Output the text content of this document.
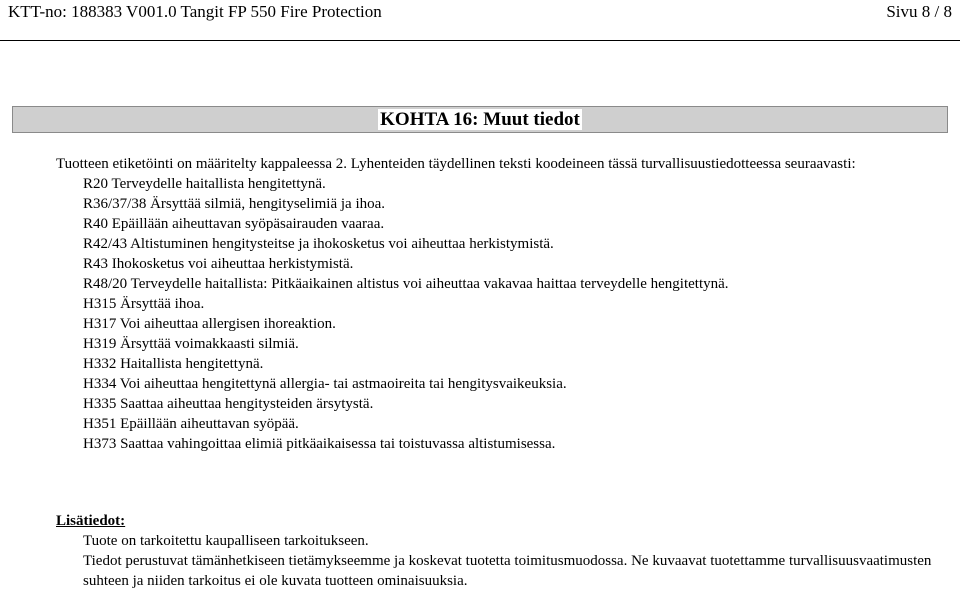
KTT-no: 188383 V001.0 Tangit FP 550 Fire Protection	Sivu 8 / 8
KOHTA 16: Muut tiedot

Tuotteen etiketöinti on määritelty kappaleessa 2. Lyhenteiden täydellinen teksti koodeineen tässä turvallisuustiedotteessa seuraavasti:

R20 Terveydelle haitallista hengitettynä.
R36/37/38 Ärsyttää silmiä, hengityselimiä ja ihoa.
R40 Epäillään aiheuttavan syöpäsairauden vaaraa.
R42/43 Altistuminen hengitysteitse ja ihokosketus voi aiheuttaa herkistymistä.
R43 Ihokosketus voi aiheuttaa herkistymistä.
R48/20 Terveydelle haitallista: Pitkäaikainen altistus voi aiheuttaa vakavaa haittaa terveydelle hengitettynä.
H315 Ärsyttää ihoa.
H317 Voi aiheuttaa allergisen ihoreaktion.
H319 Ärsyttää voimakkaasti silmiä.
H332 Haitallista hengitettynä.
H334 Voi aiheuttaa hengitettynä allergia- tai astmaoireita tai hengitysvaikeuksia.
H335 Saattaa aiheuttaa hengitysteiden ärsytystä.
H351 Epäillään aiheuttavan syöpää.
H373 Saattaa vahingoittaa elimiä pitkäaikaisessa tai toistuvassa altistumisessa.

Lisätiedot:

Tuote on tarkoitettu kaupalliseen tarkoitukseen.

Tiedot perustuvat tämänhetkiseen tietämykseemme ja koskevat tuotetta toimitusmuodossa. Ne kuvaavat tuotettamme turvallisuusvaatimusten suhteen ja niiden tarkoitus ei ole kuvata tuotteen ominaisuuksia.
